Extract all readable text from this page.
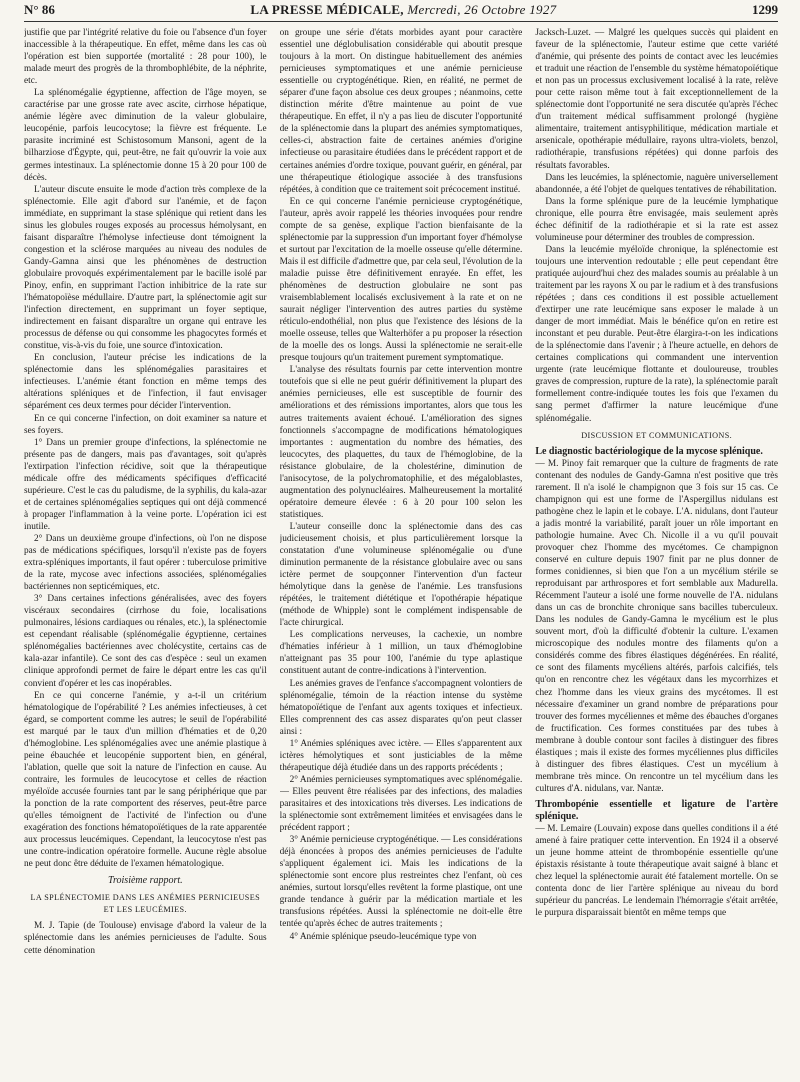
N° 86	LA PRESSE MÉDICALE, Mercredi, 26 Octobre 1927	1299

justifie que par l'intégrité relative du foie ou l'absence d'un foyer inaccessible à la thérapeutique. En effet, même dans les cas où l'opération est bien supportée (mortalité : 28 pour 100), le malade meurt des progrès de la thrombophlébite, de la néphrite, etc.

La splénomégalie égyptienne, affection de l'âge moyen, se caractérise par une grosse rate avec ascite, cirrhose hépatique, anémie légère avec diminution de la valeur globulaire, leucopénie, parfois leucocytose; la fièvre est fréquente. Le parasite incriminé est Schistosomum Mansoni, agent de la bilharziose d'Égypte, qui, peut-être, ne fait qu'ouvrir la voie aux germes intestinaux. La splénectomie donne 15 à 20 pour 100 de décès.

L'auteur discute ensuite le mode d'action très complexe de la splénectomie. Elle agit d'abord sur l'anémie, et de façon immédiate, en supprimant la stase splénique qui retient dans les sinus les globules rouges exposés au processus hémolysant, en faisant disparaître l'hémolyse infectieuse dont témoignent la congestion et la sclérose marquées au niveau des nodules de Gandy-Gamna ainsi que les phénomènes de destruction globulaire provoqués expérimentalement par le bacille isolé par Pinoy, enfin, en supprimant l'action inhibitrice de la rate sur l'hématopoïèse médullaire. D'autre part, la splénectomie agit sur l'infection directement, en supprimant un foyer septique, indirectement en faisant disparaître un organe qui entrave les processus de défense ou qui consomme les phagocytes formés et constitue, vis-à-vis du foie, une source d'intoxication.

En conclusion, l'auteur précise les indications de la splénectomie dans les splénomégalies parasitaires et infectieuses. L'anémie étant fonction en même temps des altérations spléniques et de l'infection, il faut envisager séparément ces deux termes pour décider l'intervention.

En ce qui concerne l'infection, on doit examiner sa nature et ses foyers.

1° Dans un premier groupe d'infections, la splénectomie ne présente pas de dangers, mais pas d'avantages, soit qu'après l'extirpation l'infection récidive, soit que la thérapeutique médicale offre des médicaments spécifiques d'efficacité supérieure. C'est le cas du paludisme, de la syphilis, du kala-azar et de certaines splénomégalies septiques qui ont déjà commencé à propager l'inflammation à la veine porte. L'opération ici est inutile.

2° Dans un deuxième groupe d'infections, où l'on ne dispose pas de médications spécifiques, lorsqu'il n'existe pas de foyers extra-spléniques importants, il faut opérer : tuberculose primitive de la rate, mycose avec infections associées, splénomégalies bactériennes non septicémiques, etc.

3° Dans certaines infections généralisées, avec des foyers viscéraux secondaires (cirrhose du foie, localisations pulmonaires, lésions cardiaques ou rénales, etc.), la splénectomie est cependant réalisable (splénomégalie égyptienne, certaines splénomégalies bactériennes avec cholécystite, certains cas de kala-azar infantile). Ce sont des cas d'espèce : seul un examen clinique approfondi permet de faire le départ entre les cas qu'il convient d'opérer et les cas inopérables.

En ce qui concerne l'anémie, y a-t-il un critérium hématologique de l'opérabilité ? Les anémies infectieuses, à cet égard, se comportent comme les autres; le seuil de l'opérabilité est marqué par le taux d'un million d'hématies et de 0,20 d'hémoglobine. Les splénomégalies avec une anémie plastique à peine ébauchée et leucopénie supportent bien, en général, l'ablation, quelle que soit la nature de l'infection en cause. Au contraire, les formules de leucocytose et celles de réaction myéloïde accusée fournies tant par le sang périphérique que par la ponction de la rate comportent des réserves, peut-être parce qu'elles témoignent de l'activité de l'infection ou d'une exagération des fonctions hématopoïétiques de la rate apparentée aux processus leucémiques. Cependant, la leucocytose n'est pas une contre-indication opératoire formelle. Aucune règle absolue ne peut donc être déduite de l'examen hématologique.

Troisième rapport.
LA SPLÉNECTOMIE DANS LES ANÉMIES PERNICIEUSES ET LES LEUCÉMIES.

M. J. Tapie (de Toulouse) envisage d'abord la valeur de la splénectomie dans les anémies pernicieuses de l'adulte. Sous cette dénomination

on groupe une série d'états morbides ayant pour caractère essentiel une déglobulisation considérable qui aboutit presque toujours à la mort. On distingue habituellement des anémies pernicieuses symptomatiques et une anémie pernicieuse essentielle ou cryptogénétique. Rien, en réalité, ne permet de séparer d'une façon absolue ces deux groupes ; néanmoins, cette distinction mérite d'être maintenue au point de vue thérapeutique. En effet, il n'y a pas lieu de discuter l'opportunité de la splénectomie dans la plupart des anémies symptomatiques, celles-ci, abstraction faite de certaines anémies d'origine infectieuse ou parasitaire étudiées dans le précédent rapport et de certaines anémies d'ordre toxique, pouvant guérir, en général, par une thérapeutique étiologique associée à des transfusions répétées, à condition que ce traitement soit précocement institué.

En ce qui concerne l'anémie pernicieuse cryptogénétique, l'auteur, après avoir rappelé les théories invoquées pour rendre compte de sa genèse, explique l'action bienfaisante de la splénectomie par la suppression d'un important foyer d'hémolyse et surtout par l'excitation de la moelle osseuse qu'elle détermine. Mais il est difficile d'admettre que, par cela seul, l'évolution de la maladie puisse être définitivement enrayée. En effet, les phénomènes de destruction globulaire ne sont pas vraisemblablement localisés exclusivement à la rate et on ne saurait négliger l'intervention des autres parties du système réticulo-endothélial, non plus que l'existence des lésions de la moelle osseuse, telles que Walterhöfer a pu proposer la résection de la moelle des os longs. Aussi la splénectomie ne serait-elle presque toujours qu'un traitement purement symptomatique.

L'analyse des résultats fournis par cette intervention montre toutefois que si elle ne peut guérir définitivement la plupart des anémies pernicieuses, elle est susceptible de fournir des améliorations et des rémissions importantes, alors que tous les autres traitements avaient échoué. L'amélioration des signes fonctionnels s'accompagne de modifications hématologiques importantes : augmentation du nombre des hématies, des leucocytes, des plaquettes, du taux de l'hémoglobine, de la résistance globulaire, de la cholestérine, diminution de l'anisocytose, de la polychromatophilie, et des mégaloblastes, augmentation des polynucléaires. Malheureusement la mortalité opératoire demeure élevée : 6 à 20 pour 100 selon les statistiques.

L'auteur conseille donc la splénectomie dans des cas judicieusement choisis, et plus particulièrement lorsque la constatation d'une volumineuse splénomégalie ou d'une diminution permanente de la résistance globulaire avec ou sans ictère permet de soupçonner l'intervention d'un facteur hémolytique dans la genèse de l'anémie. Les transfusions répétées, le traitement diététique et l'opothérapie hépatique (méthode de Whipple) sont le complément indispensable de l'acte chirurgical.

Les complications nerveuses, la cachexie, un nombre d'hématies inférieur à 1 million, un taux d'hémoglobine n'atteignant pas 35 pour 100, l'anémie du type aplastique constituent autant de contre-indications à l'intervention.

Les anémies graves de l'enfance s'accompagnent volontiers de splénomégalie, témoin de la réaction intense du système hématopoïétique de l'enfant aux agents toxiques et infectieux. Elles comprennent des cas assez disparates qu'on peut classer ainsi :

1° Anémies spléniques avec ictère. — Elles s'apparentent aux ictères hémolytiques et sont justiciables de la même thérapeutique déjà étudiée dans un des rapports précédents ;

2° Anémies pernicieuses symptomatiques avec splénomégalie. — Elles peuvent être réalisées par des infections, des maladies parasitaires et des intoxications très diverses. Les indications de la splénectomie sont extrêmement limitées et envisagées dans le précédent rapport ;

3° Anémie pernicieuse cryptogénétique. — Les considérations déjà énoncées à propos des anémies pernicieuses de l'adulte s'appliquent également ici. Mais les indications de la splénectomie sont encore plus restreintes chez l'enfant, où ces anémies, surtout lorsqu'elles revêtent la forme plastique, ont une grande tendance à guérir par la médication martiale et les transfusions répétées. Aussi la splénectomie ne doit-elle être tentée qu'après échec de autres traitements ;

4° Anémie splénique pseudo-leucémique type von

Jacksch-Luzet. — Malgré les quelques succès qui plaident en faveur de la splénectomie, l'auteur estime que cette variété d'anémie, qui présente des points de contact avec les leucémies et traduit une réaction de l'ensemble du système hématopoïétique et non pas un processus exclusivement localisé à la rate, relève pour cette raison même tout à fait exceptionnellement de la splénectomie dont l'opportunité ne sera discutée qu'après l'échec d'un traitement médical suffisamment prolongé (hygiène alimentaire, traitement antisyphilitique, médication martiale et arsenicale, opothérapie médullaire, rayons ultra-violets, benzol, radiothérapie, transfusions répétées) qui donne parfois des résultats favorables.

Dans les leucémies, la splénectomie, naguère universellement abandonnée, a été l'objet de quelques tentatives de réhabilitation.

Dans la forme splénique pure de la leucémie lymphatique chronique, elle pourra être envisagée, mais seulement après échec définitif de la radiothérapie et si la rate est assez volumineuse pour déterminer des troubles de compression.

Dans la leucémie myéloïde chronique, la splénectomie est toujours une intervention redoutable ; elle peut cependant être pratiquée aujourd'hui chez des malades soumis au préalable à un traitement par les rayons X ou par le radium et à des transfusions répétées ; dans ces conditions il est possible actuellement d'extirper une rate leucémique sans exposer le malade à un danger de mort immédiat. Mais le bénéfice qu'on en retire est inconstant et peu durable. Peut-être élargira-t-on les indications de la splénectomie dans l'avenir ; à l'heure actuelle, en dehors de certaines complications qui commandent une intervention urgente (rate leucémique flottante et douloureuse, troubles graves de compression, rupture de la rate), la splénectomie paraît formellement contre-indiquée toutes les fois que l'examen du sang permet d'affirmer la nature leucémique d'une splénomégalie.

DISCUSSION ET COMMUNICATIONS.

Le diagnostic bactériologique de la mycose splénique.

— M. Pinoy fait remarquer que la culture de fragments de rate contenant des nodules de Gandy-Gamna n'est positive que très rarement. Il n'a isolé le champignon que 3 fois sur 15 cas. Ce champignon qui est une forme de l'Aspergillus nidulans est pathogène chez le lapin et le cobaye. L'A. nidulans, dont l'auteur a jadis montré la variabilité, paraît jouer un rôle important en pathologie humaine. Avec Ch. Nicolle il a vu qu'il pouvait provoquer chez l'homme des mycétomes. Ce champignon conservé en culture depuis 1907 finit par ne plus donner de formes conidiennes, si bien que l'on a un mycélium stérile se reproduisant par arthrospores et fort semblable aux Madurella. Récemment l'auteur a isolé une forme nouvelle de l'A. nidulans dans un cas de bronchite chronique sans bacilles tuberculeux. Dans les nodules de Gandy-Gamna le mycélium est le plus souvent mort, d'où la difficulté d'obtenir la culture. L'examen microscopique des nodules montre des filaments qu'on a considérés comme des fibres élastiques dégénérées. En réalité, ce sont des filaments mycéliens altérés, parfois calcifiés, tels qu'on en rencontre chez les végétaux dans les mycorrhizes et chez l'homme dans les vieux grains des mycétomes. Il est nécessaire d'examiner un grand nombre de préparations pour trouver des formes mycéliennes et même des ébauches d'organes de fructification. Ces formes constituées par des tubes à membrane à double contour sont faciles à distinguer des fibres élastiques ; mais il existe des formes mycéliennes plus difficiles à distinguer des fibres élastiques. C'est un mycélium à membrane très mince. On rencontre un tel mycélium dans les cultures d'A. nidulans, var. Nantæ.

Thrombopénie essentielle et ligature de l'artère splénique.

— M. Lemaire (Louvain) expose dans quelles conditions il a été amené à faire pratiquer cette intervention. En 1924 il a observé un jeune homme atteint de thrombopénie essentielle qu'une épistaxis résistante à toute thérapeutique avait saigné à blanc et chez lequel la splénectomie aurait été fatalement mortelle. On se contenta donc de lier l'artère splénique au niveau du bord supérieur du pancréas. Le lendemain l'hémorragie s'était arrêtée, le purpura disparaissait bientôt en même temps que
